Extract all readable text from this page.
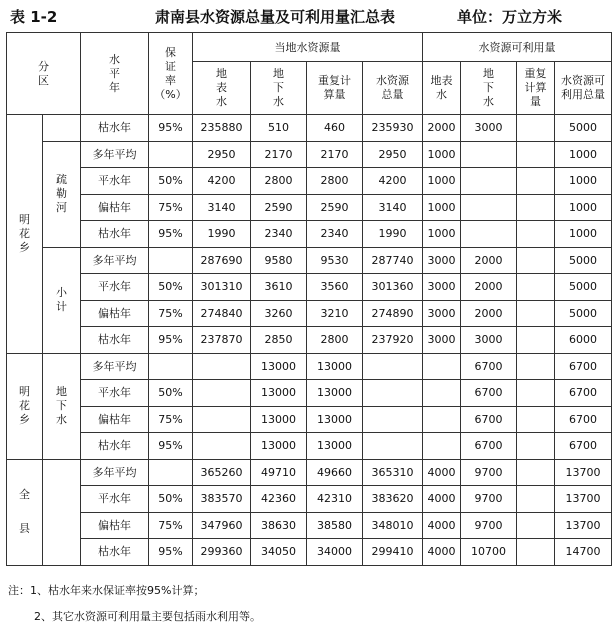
表 1-2	肃南县水资源总量及可利用量汇总表	单位：万立方米
分区		水平年	保证率
（%）	当地水资源量				水资源可利用量			
				地表水	地下水	重复计算量	水资源总量	地表水	地下水	重复计算量	水资源可利用总量
明花乡		枯水年	95%	235880	510	460	235930	2000	3000		5000
	疏勒河	多年平均		2950	2170	2170	2950	1000			1000
		平水年	50%	4200	2800	2800	4200	1000			1000
		偏枯年	75%	3140	2590	2590	3140	1000			1000
		枯水年	95%	1990	2340	2340	1990	1000			1000
	小计	多年平均		287690	9580	9530	287740	3000	2000		5000
		平水年	50%	301310	3610	3560	301360	3000	2000		5000
		偏枯年	75%	274840	3260	3210	274890	3000	2000		5000
		枯水年	95%	237870	2850	2800	237920	3000	3000		6000
明花乡	地下水	多年平均			13000	13000			6700		6700
		平水年	50%		13000	13000			6700		6700
		偏枯年	75%		13000	13000			6700		6700
		枯水年	95%		13000	13000			6700		6700
全县		多年平均		365260	49710	49660	365310	4000	9700		13700
		平水年	50%	383570	42360	42310	383620	4000	9700		13700
		偏枯年	75%	347960	38630	38580	348010	4000	9700		13700
		枯水年	95%	299360	34050	34000	299410	4000	10700		14700
注：1、枯水年来水保证率按95%计算；
2、其它水资源可利用量主要包括雨水利用等。
